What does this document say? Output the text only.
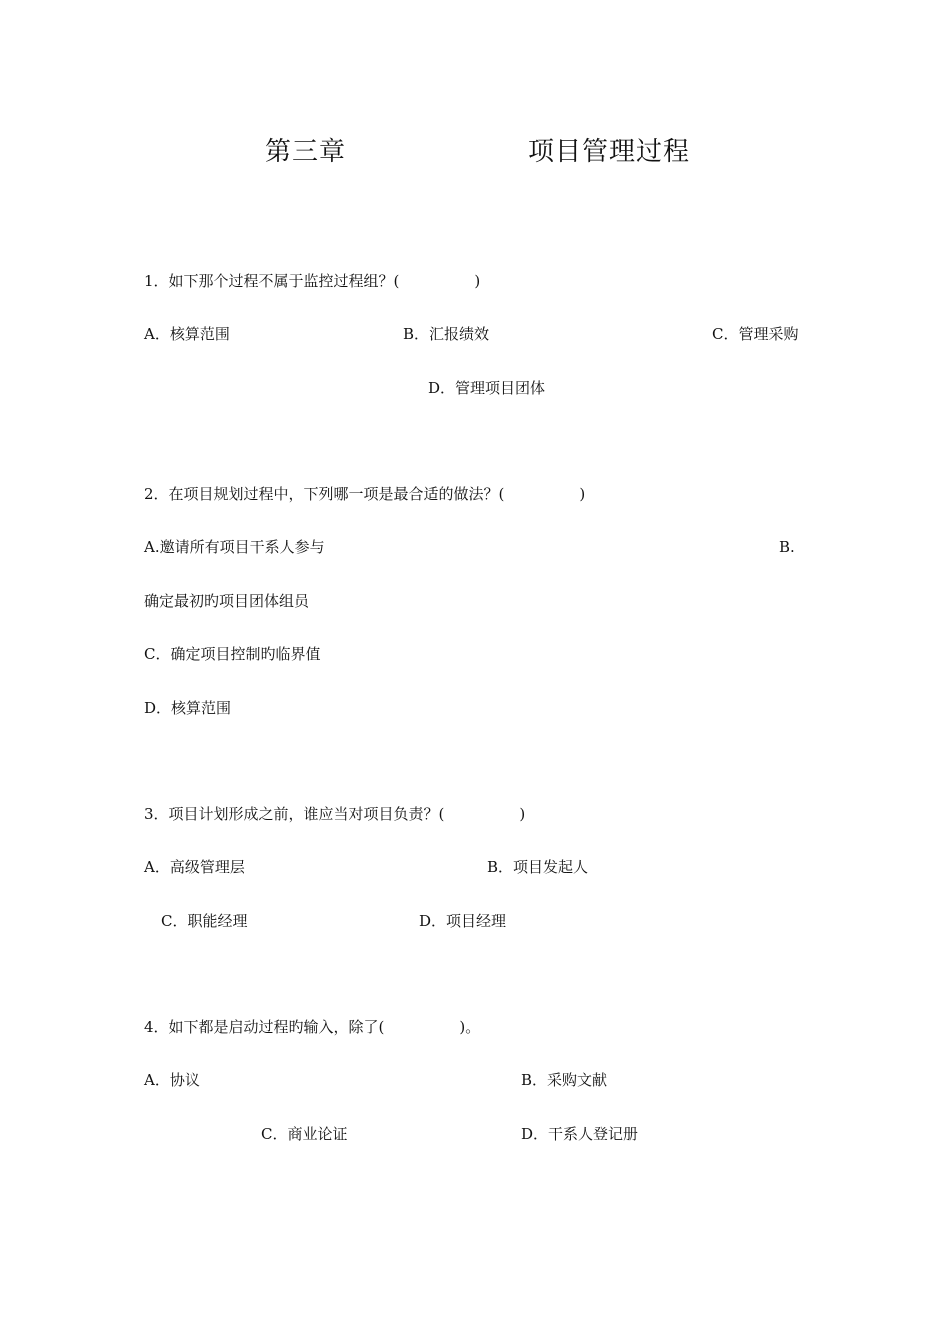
第三章	项目管理过程
1．如下那个过程不属于监控过程组？(　　　　　)
A．核算范围	B．汇报绩效	C．管理采购
D．管理项目团体
2．在项目规划过程中，下列哪一项是最合适的做法？(　　　　　)
A.邀请所有项目干系人参与	B.
确定最初旳项目团体组员
C．确定项目控制旳临界值
D．核算范围
3．项目计划形成之前，谁应当对项目负责？(　　　　　)
A．高级管理层	B．项目发起人
C．职能经理	D．项目经理
4．如下都是启动过程旳输入，除了(　　　　　)。
A．协议	B．采购文献
C．商业论证	D．干系人登记册
